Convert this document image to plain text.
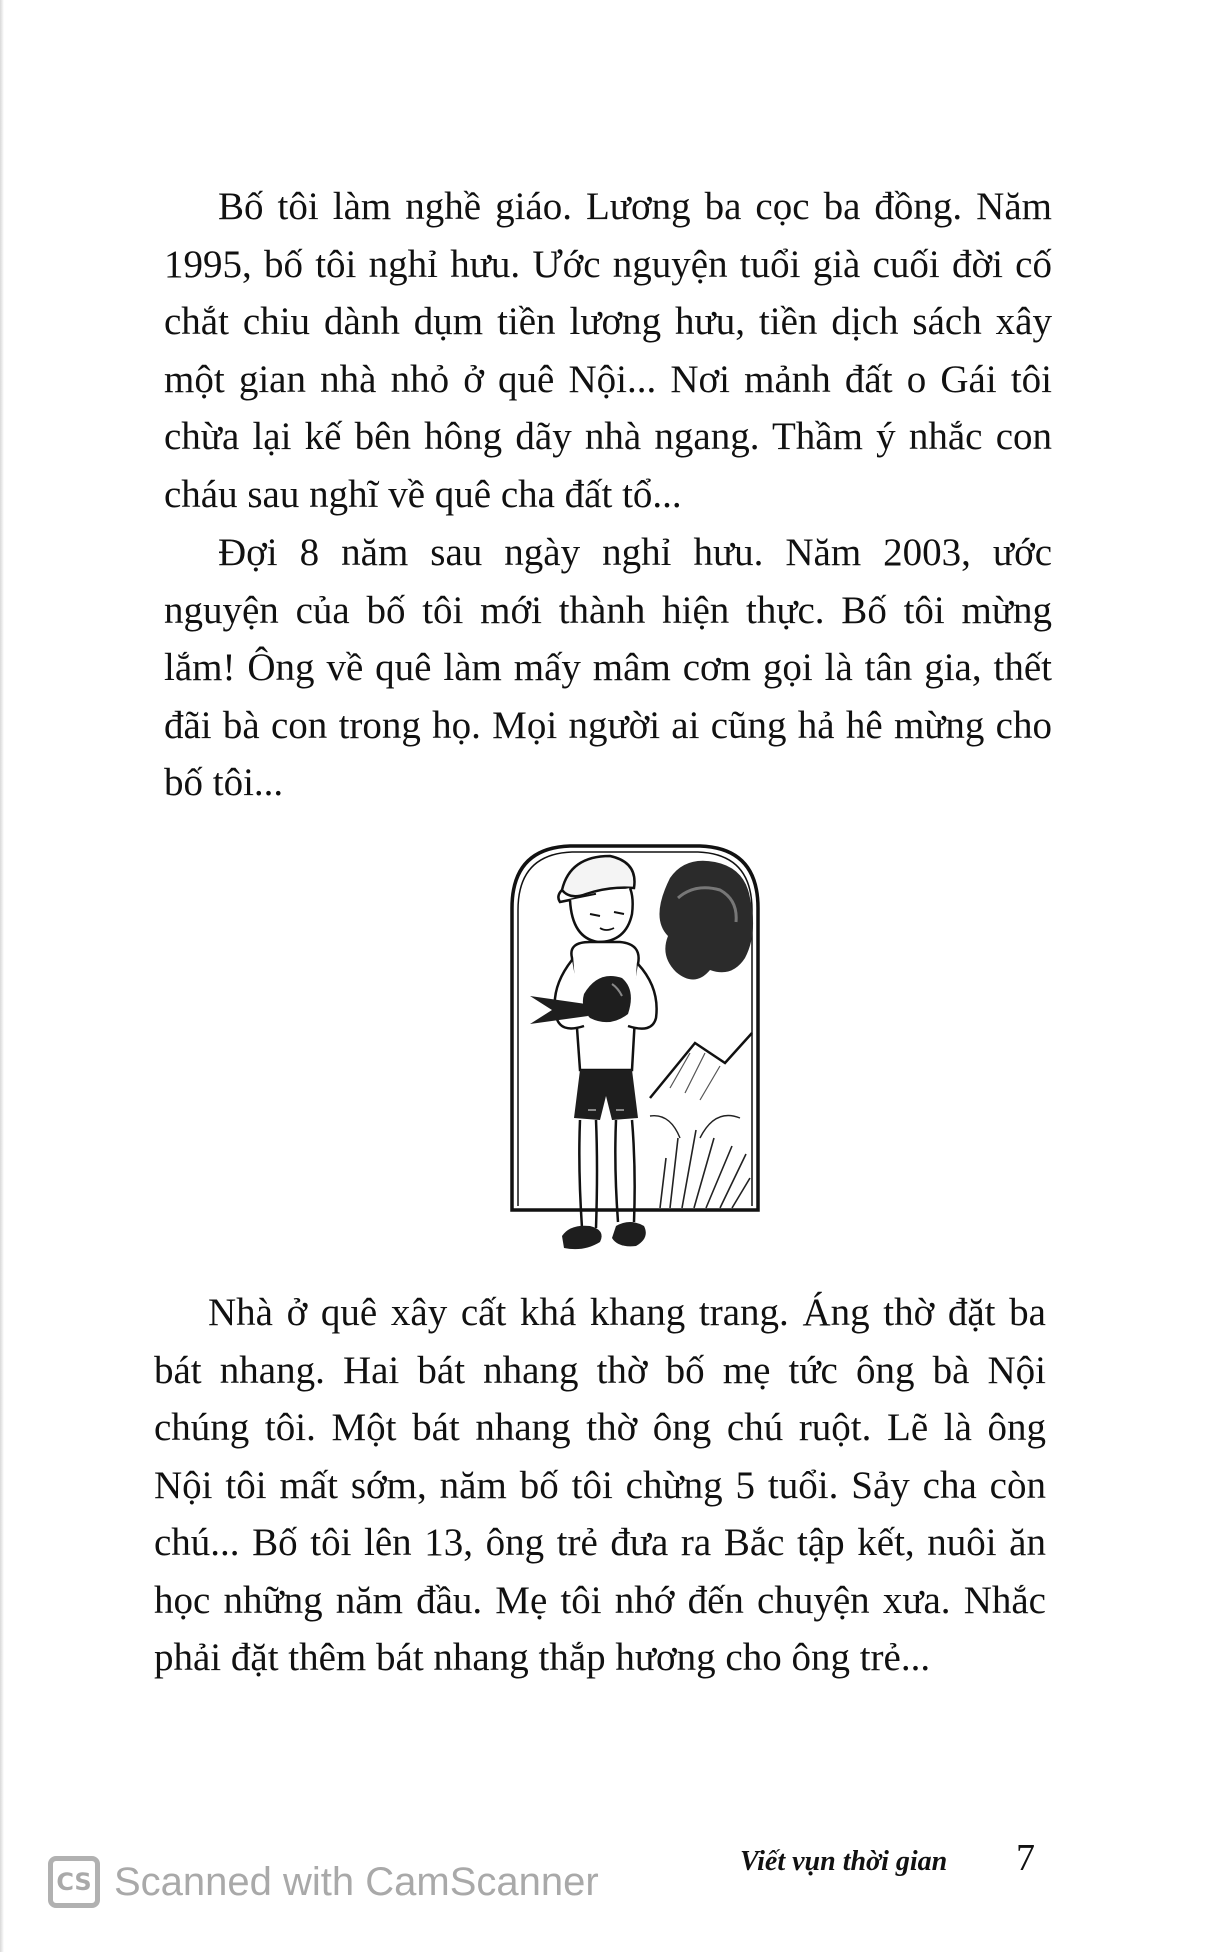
Bố tôi làm nghề giáo. Lương ba cọc ba đồng. Năm 1995, bố tôi nghỉ hưu. Ước nguyện tuổi già cuối đời cố chắt chiu dành dụm tiền lương hưu, tiền dịch sách xây một gian nhà nhỏ ở quê Nội... Nơi mảnh đất o Gái tôi chừa lại kế bên hông dãy nhà ngang. Thầm ý nhắc con cháu sau nghĩ về quê cha đất tổ...

Đợi 8 năm sau ngày nghỉ hưu. Năm 2003, ước nguyện của bố tôi mới thành hiện thực. Bố tôi mừng lắm! Ông về quê làm mấy mâm cơm gọi là tân gia, thết đãi bà con trong họ. Mọi người ai cũng hả hê mừng cho bố tôi...

Nhà ở quê xây cất khá khang trang. Áng thờ đặt ba bát nhang. Hai bát nhang thờ bố mẹ tức ông bà Nội chúng tôi. Một bát nhang thờ ông chú ruột. Lẽ là ông Nội tôi mất sớm, năm bố tôi chừng 5 tuổi. Sảy cha còn chú... Bố tôi lên 13, ông trẻ đưa ra Bắc tập kết, nuôi ăn học những năm đầu. Mẹ tôi nhớ đến chuyện xưa. Nhắc phải đặt thêm bát nhang thắp hương cho ông trẻ...

Viết vụn thời gian 7
CS Scanned with CamScanner
